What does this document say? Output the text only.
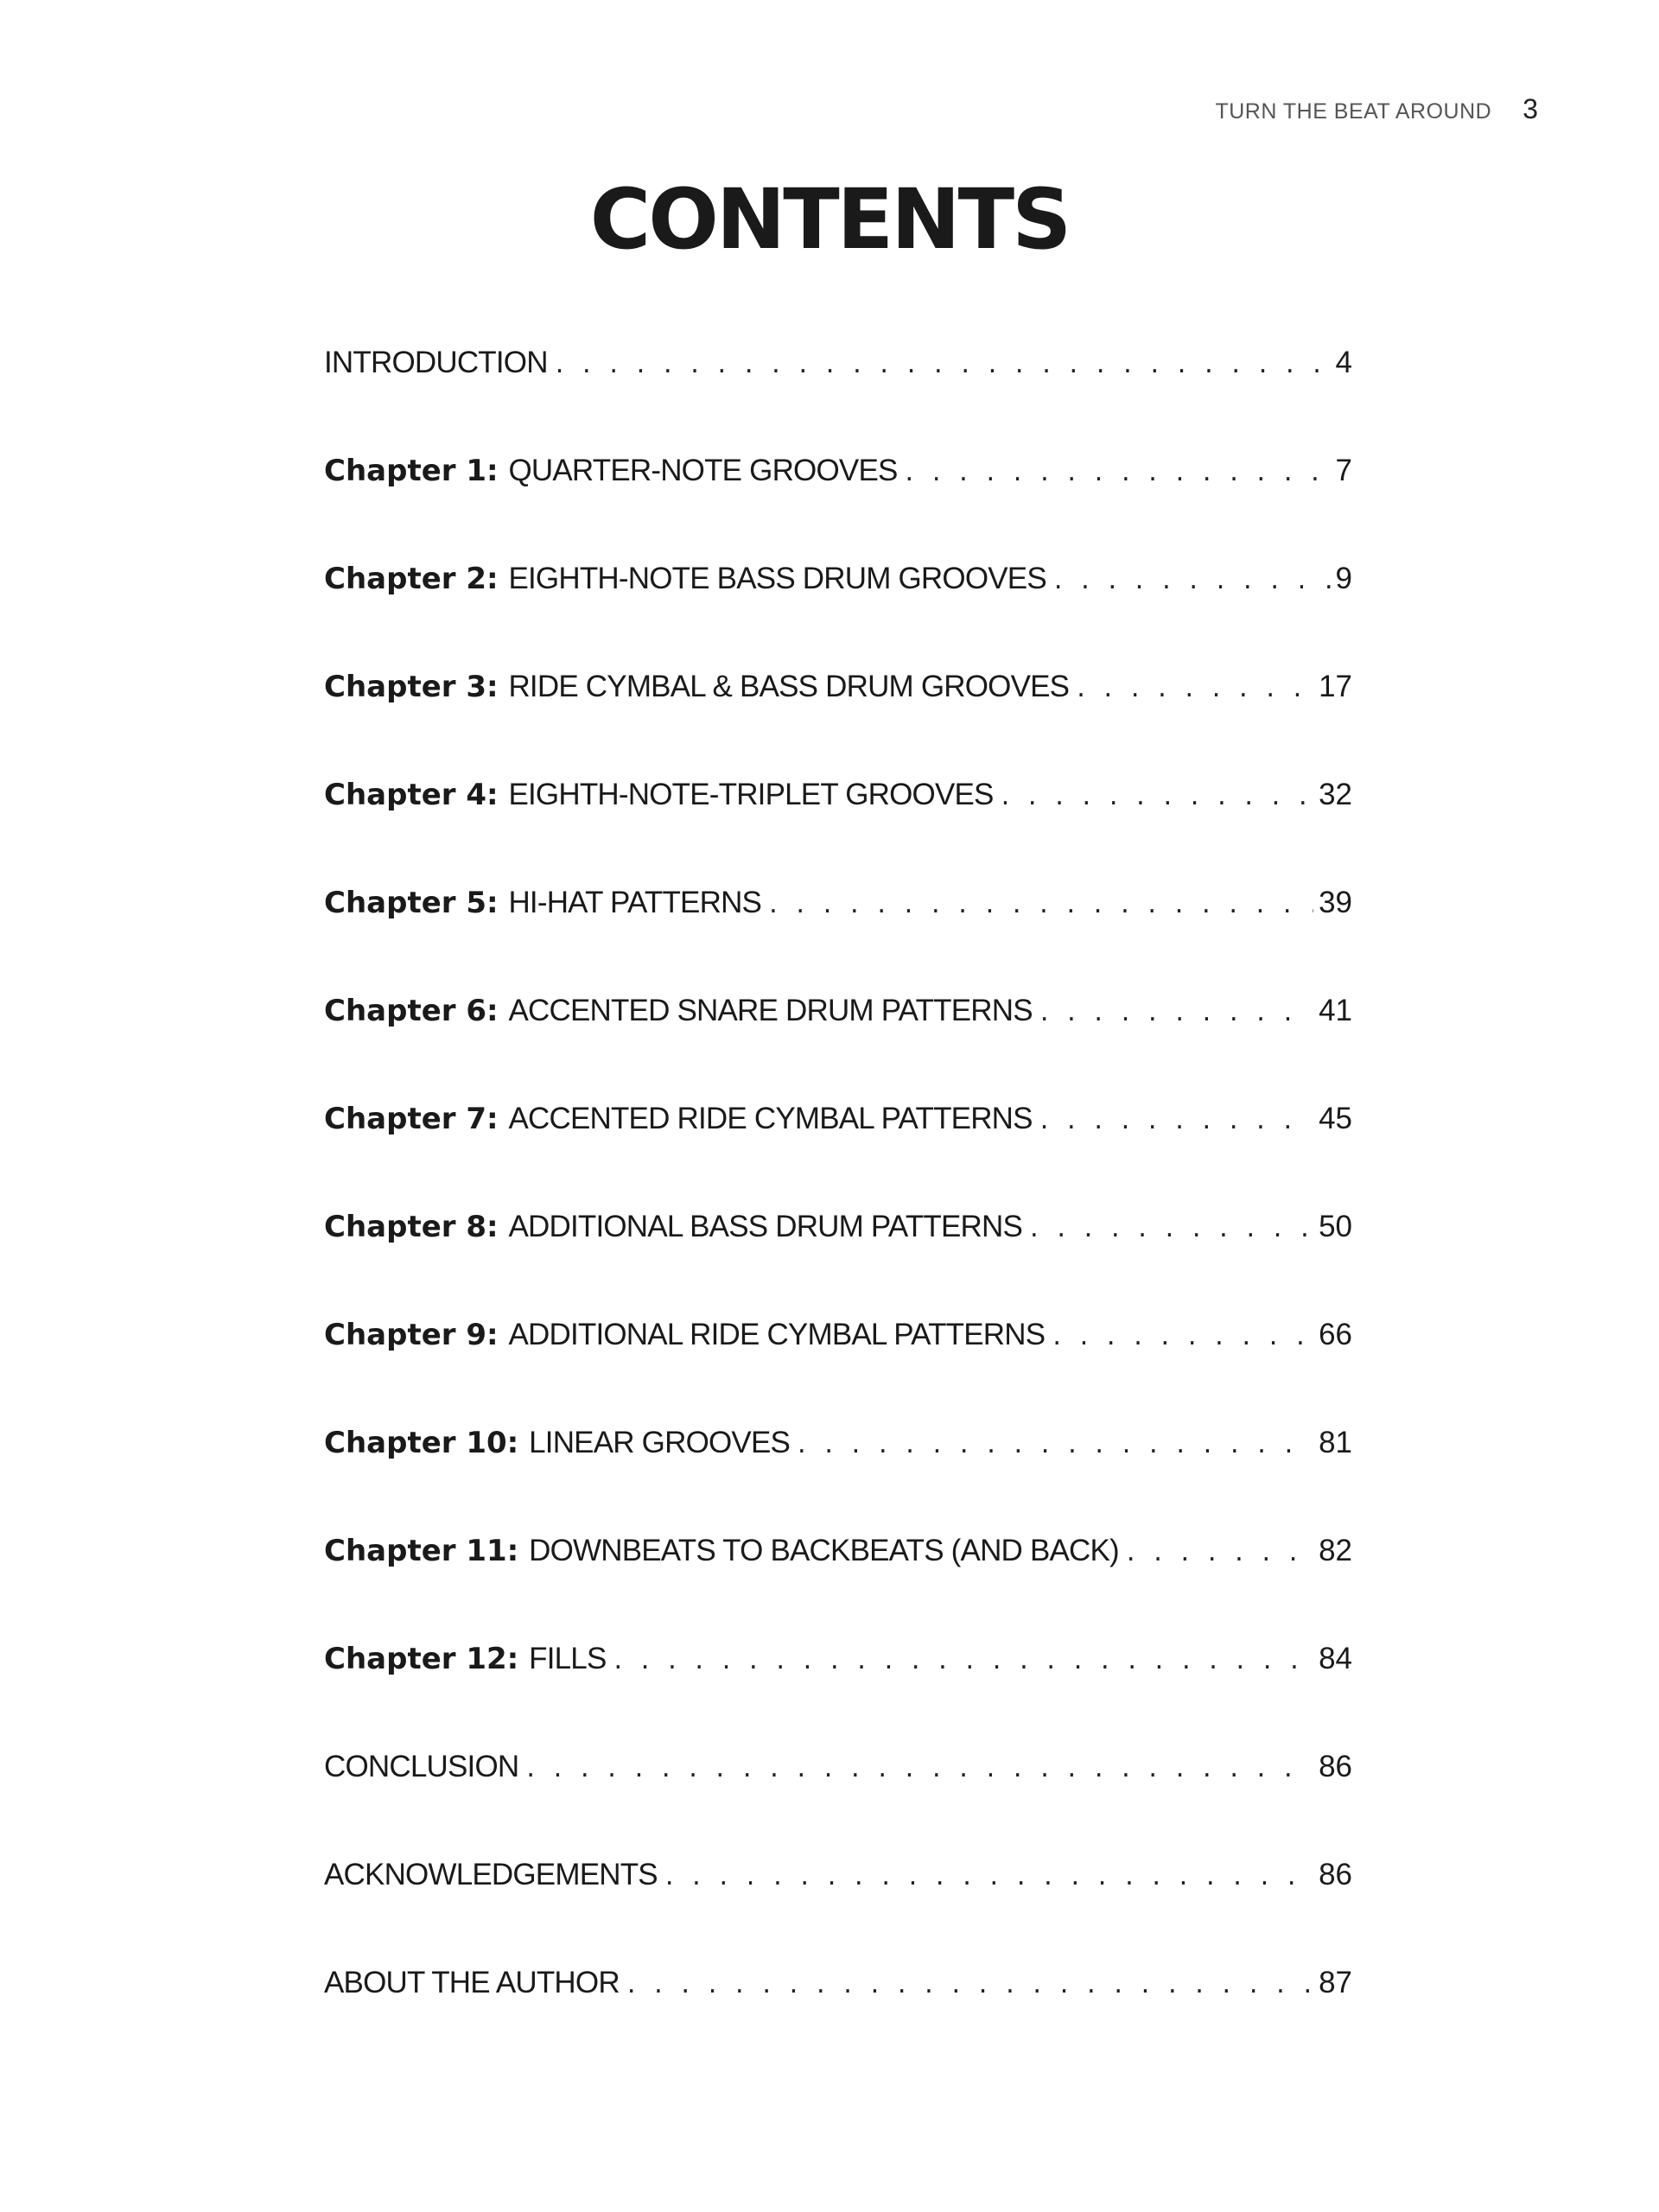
TURN THE BEAT AROUND 3
CONTENTS
INTRODUCTION . . .	4
Chapter 1: QUARTER-NOTE GROOVES . . .	7
Chapter 2: EIGHTH-NOTE BASS DRUM GROOVES . . .	9
Chapter 3: RIDE CYMBAL & BASS DRUM GROOVES . . .	17
Chapter 4: EIGHTH-NOTE-TRIPLET GROOVES . . .	32
Chapter 5: HI-HAT PATTERNS . . .	39
Chapter 6: ACCENTED SNARE DRUM PATTERNS . . .	41
Chapter 7: ACCENTED RIDE CYMBAL PATTERNS . . .	45
Chapter 8: ADDITIONAL BASS DRUM PATTERNS . . .	50
Chapter 9: ADDITIONAL RIDE CYMBAL PATTERNS . . .	66
Chapter 10: LINEAR GROOVES . . .	81
Chapter 11: DOWNBEATS TO BACKBEATS (AND BACK) . . .	82
Chapter 12: FILLS . . .	84
CONCLUSION . . .	86
ACKNOWLEDGEMENTS . . .	86
ABOUT THE AUTHOR . . .	87
